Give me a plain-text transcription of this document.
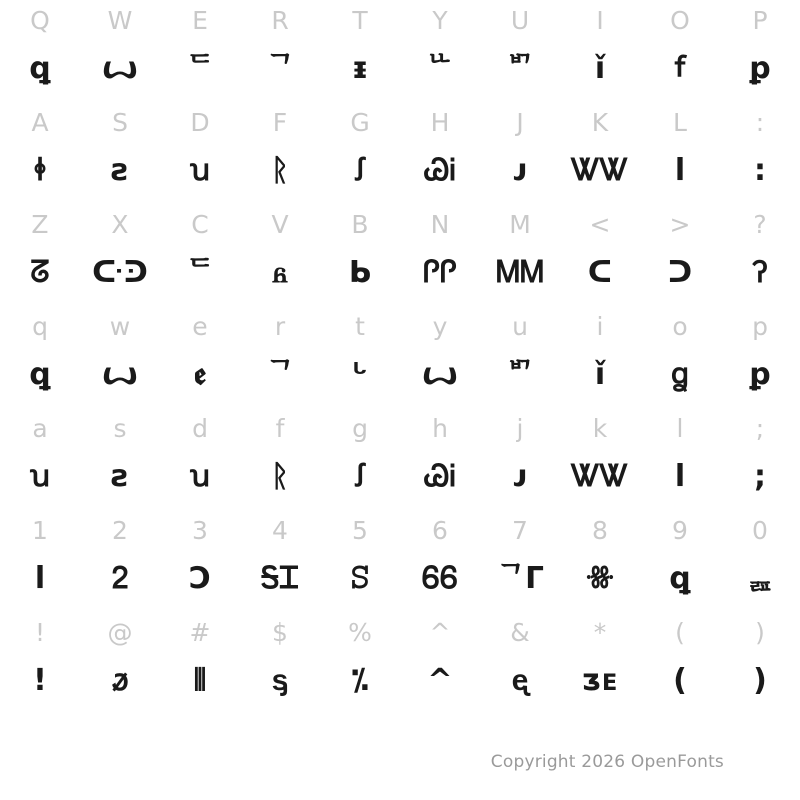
Q	W	E	R	T	Y	U	I	O	P
ꝗ	ꙍ	ᄃ	ᄀ	ᵻ	ᄔ	ᄞ	ǐ	ꬵ	ꝑ
A	S	D	F	G	H	J	K	L	:
ꬹ	ꙅ	ꭒ	ᚱ	ꭍ	ᏊᎥ	ᴊ	ᏔᏔ	l	:
Z	X	C	V	B	N	M	<	>	?
ᘔ	ᑢᑔ	ᄃ	ᏺ	ᖯ	ᎵᎵ	ᎷᎷ	ᑕ	ᑐ	ꛫ
q	w	e	r	t	y	u	i	o	p
ꝗ	ꙍ	ꬲ	ᄀ	ᒡ	ꙍ	ᄞ	ǐ	ꬶ	ꝑ
a	s	d	f	g	h	j	k	l	;
ꭒ	ꙅ	ꭒ	ᚱ	ꭍ	ᏊᎥ	ᴊ	ᏔᏔ	l	;
1	2	3	4	5	6	7	8	9	0
l	ᒿ	ꓛ	ᎦᏆ	ꕶ	ᏮᏮ	ᄀᒥ	ꗥ	ꝗ	ᆵ
!	@	#	$	%	^	&	*	(	)
!	ꬿ	⦀	ᶊ	⁒	^	ᶒ	ᴣᴇ	(	)
Copyright 2026 OpenFonts
